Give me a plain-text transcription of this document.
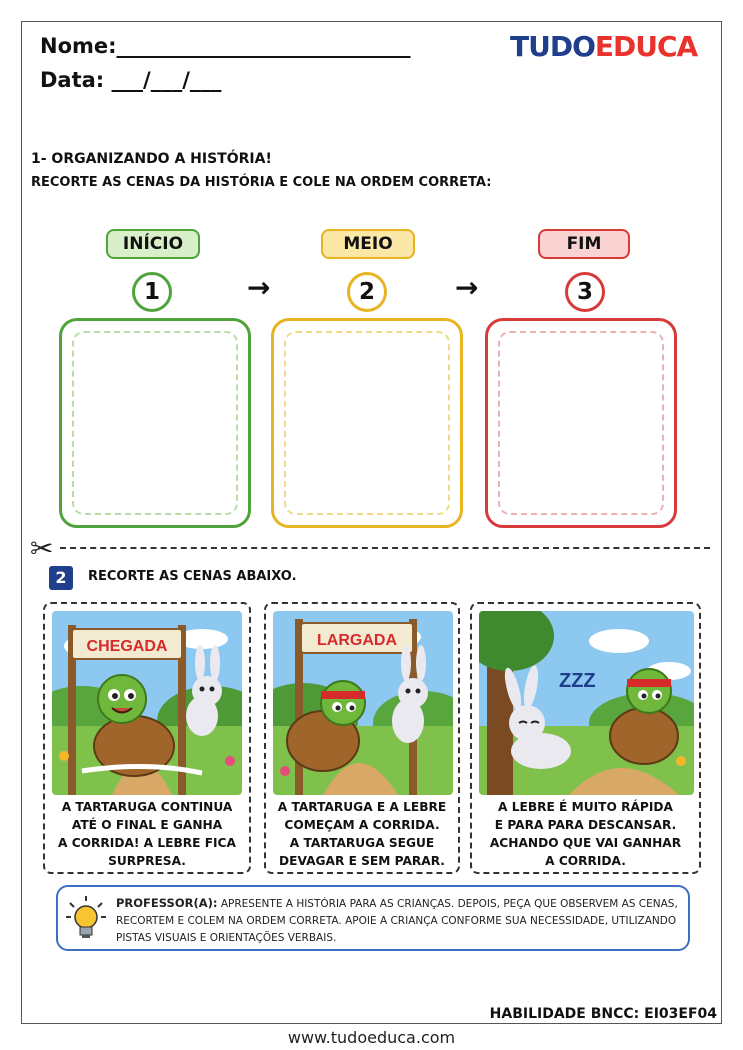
Nome:____________________________
Data: ___/___/___
TUDOEDUCA
1- ORGANIZANDO A HISTÓRIA!
RECORTE AS CENAS DA HISTÓRIA E COLE NA ORDEM CORRETA:
INÍCIO	MEIO	FIM
1	2	3
→	→
✂
2	RECORTE AS CENAS ABAIXO.
CHEGADA
A TARTARUGA CONTINUA
ATÉ O FINAL E GANHA
A CORRIDA! A LEBRE FICA
SURPRESA.
LARGADA
A TARTARUGA E A LEBRE
COMEÇAM A CORRIDA.
A TARTARUGA SEGUE
DEVAGAR E SEM PARAR.
ZZZ
A LEBRE É MUITO RÁPIDA
E PARA PARA DESCANSAR.
ACHANDO QUE VAI GANHAR
A CORRIDA.
PROFESSOR(A): APRESENTE A HISTÓRIA PARA AS CRIANÇAS. DEPOIS, PEÇA QUE OBSERVEM AS CENAS, RECORTEM E COLEM NA ORDEM CORRETA. APOIE A CRIANÇA CONFORME SUA NECESSIDADE, UTILIZANDO PISTAS VISUAIS E ORIENTAÇÕES VERBAIS.
HABILIDADE BNCC: EI03EF04
www.tudoeduca.com
